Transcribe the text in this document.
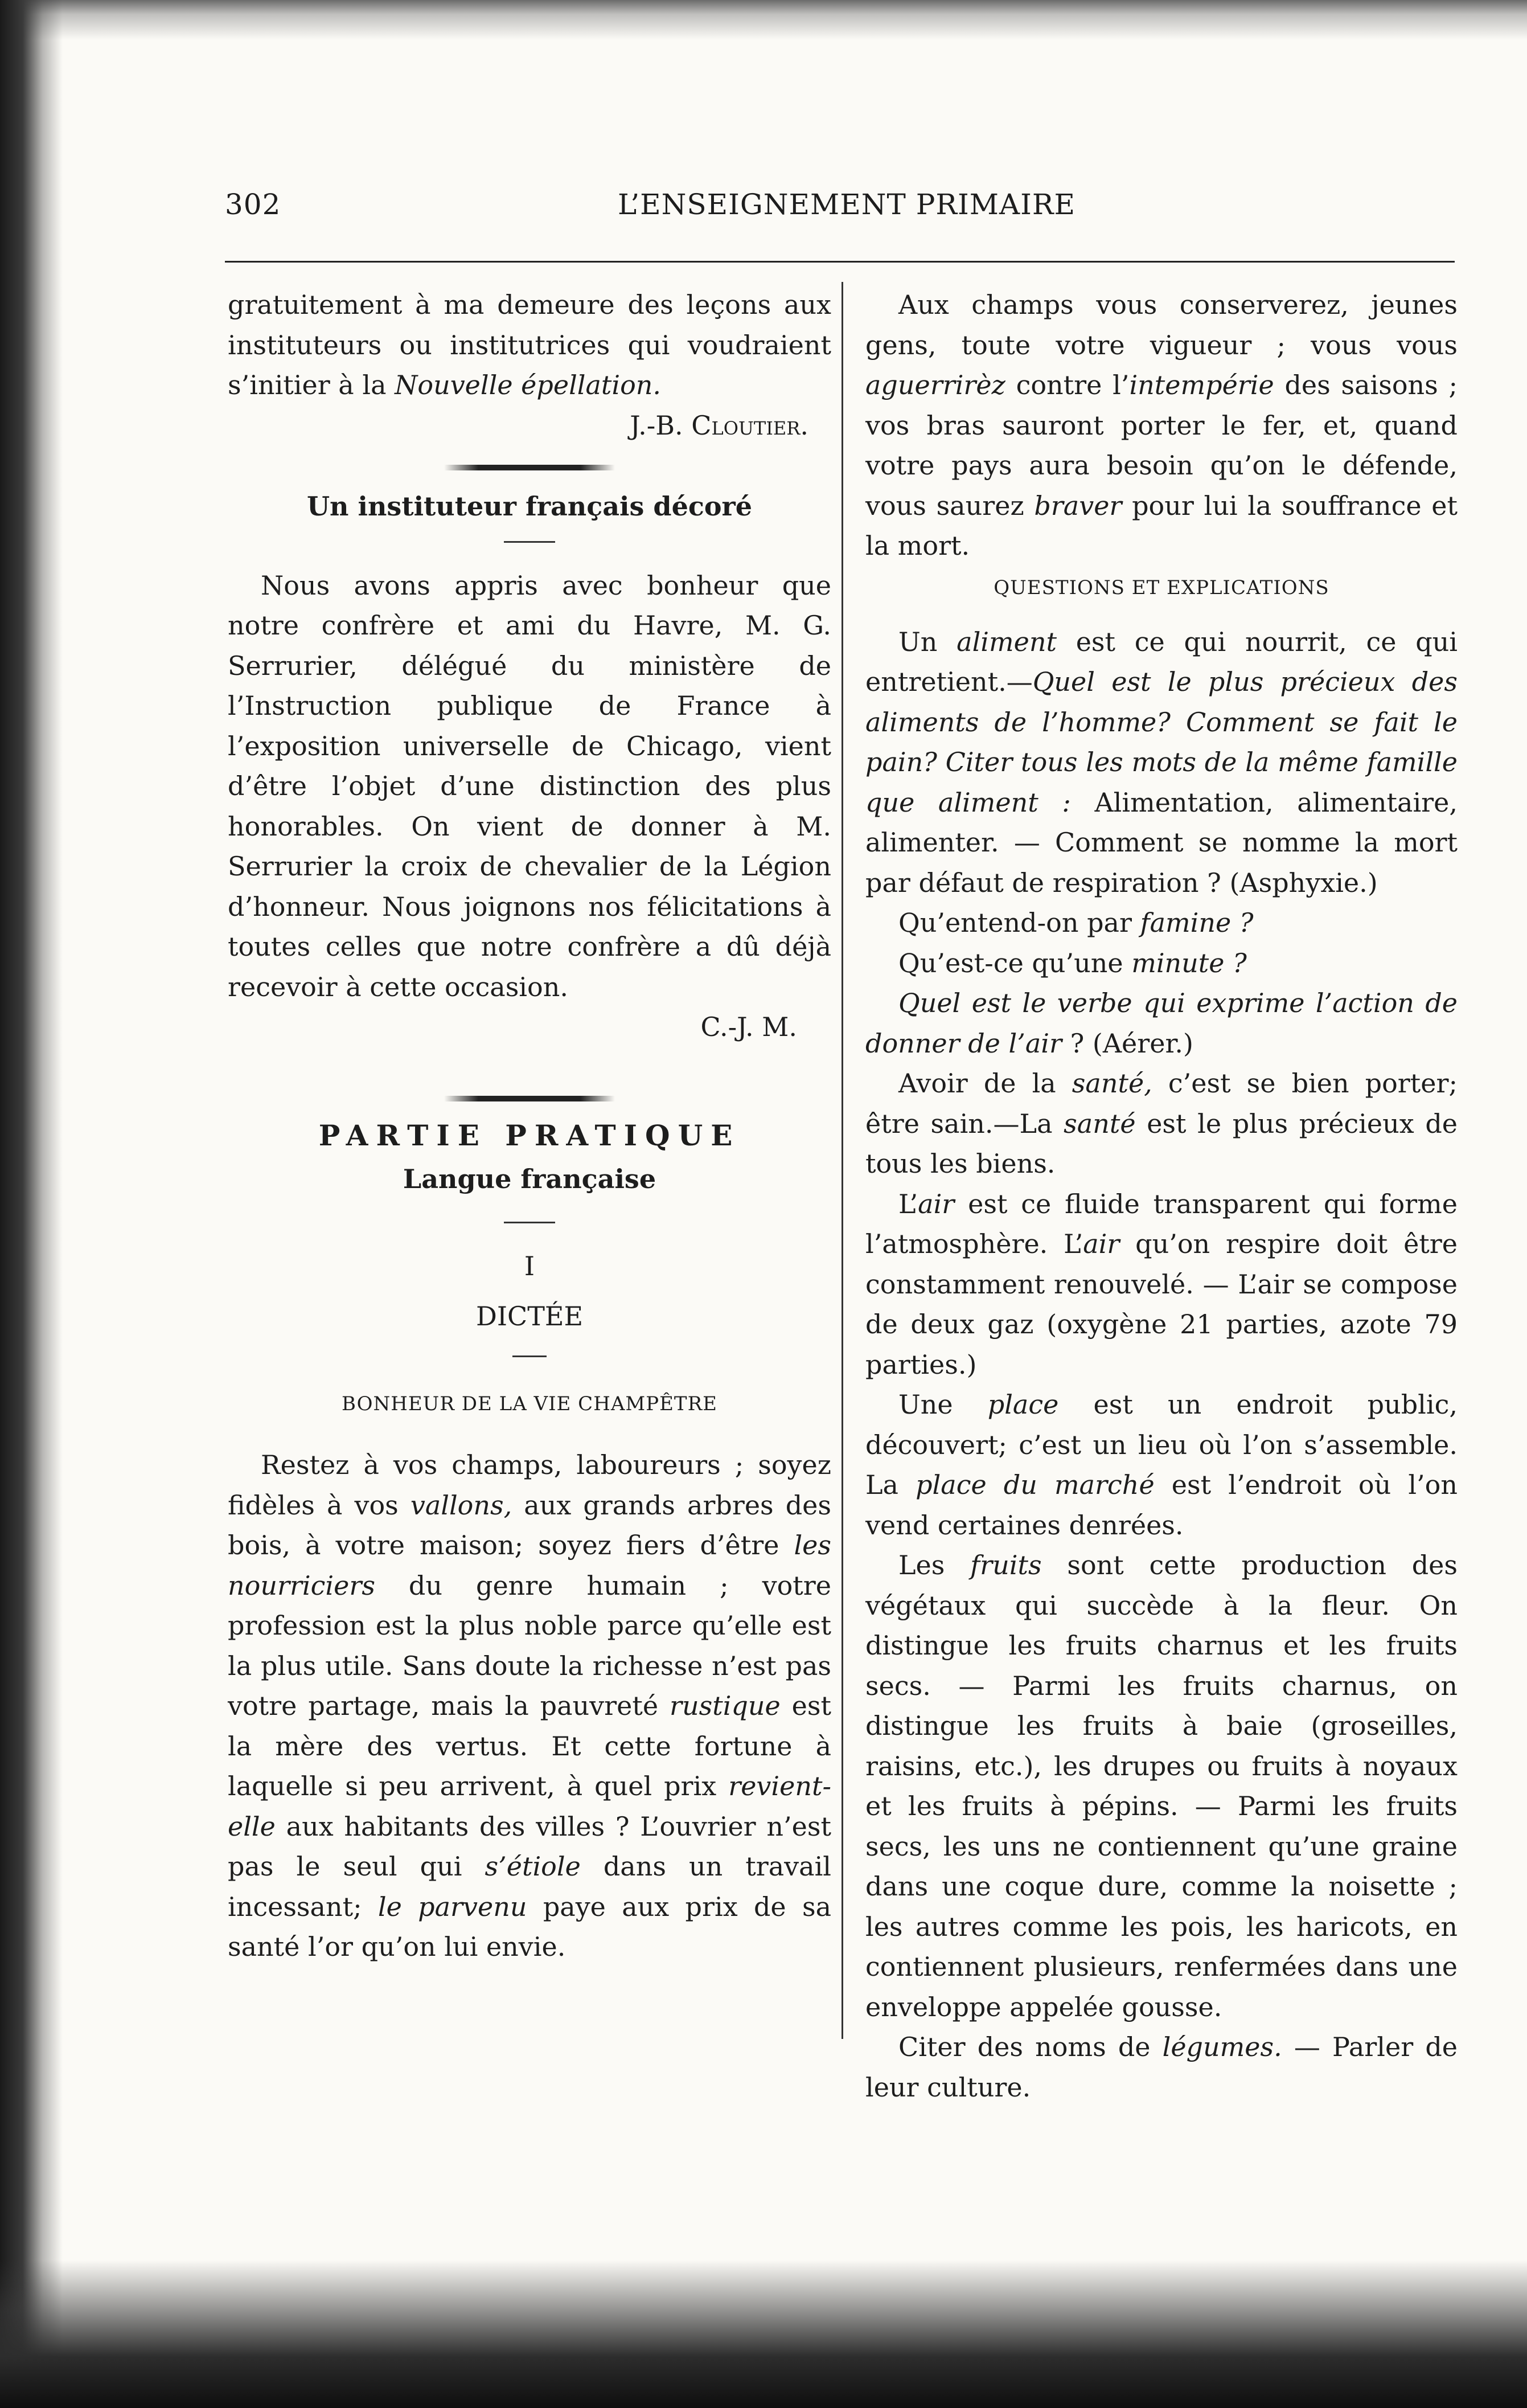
302	L’ENSEIGNEMENT PRIMAIRE

gratuitement à ma demeure des leçons aux instituteurs ou institutrices qui voudraient s’initier à la Nouvelle épellation.

J.-B. Cloutier.

Un instituteur français décoré

Nous avons appris avec bonheur que notre confrère et ami du Havre, M. G. Serrurier, délégué du ministère de l’Instruction publique de France à l’exposition universelle de Chicago, vient d’être l’objet d’une distinction des plus honorables. On vient de donner à M. Serrurier la croix de chevalier de la Légion d’honneur. Nous joignons nos félicitations à toutes celles que notre confrère a dû déjà recevoir à cette occasion.

C.-J. M.

PARTIE PRATIQUE

Langue française

I

DICTÉE

BONHEUR DE LA VIE CHAMPÊTRE

Restez à vos champs, laboureurs ; soyez fidèles à vos vallons, aux grands arbres des bois, à votre maison; soyez fiers d’être les nourriciers du genre humain ; votre profession est la plus noble parce qu’elle est la plus utile. Sans doute la richesse n’est pas votre partage, mais la pauvreté rustique est la mère des vertus. Et cette fortune à laquelle si peu arrivent, à quel prix revient-elle aux habitants des villes ? L’ouvrier n’est pas le seul qui s’étiole dans un travail incessant; le parvenu paye aux prix de sa santé l’or qu’on lui envie.

Aux champs vous conserverez, jeunes gens, toute votre vigueur ; vous vous aguerrirèz contre l’intempérie des saisons ; vos bras sauront porter le fer, et, quand votre pays aura besoin qu’on le défende, vous saurez braver pour lui la souffrance et la mort.

QUESTIONS ET EXPLICATIONS

Un aliment est ce qui nourrit, ce qui entretient.—Quel est le plus précieux des aliments de l’homme? Comment se fait le pain? Citer tous les mots de la même famille que aliment : Alimentation, alimentaire, alimenter. — Comment se nomme la mort par défaut de respiration ? (Asphyxie.)

Qu’entend-on par famine ?

Qu’est-ce qu’une minute ?

Quel est le verbe qui exprime l’action de donner de l’air ? (Aérer.)

Avoir de la santé, c’est se bien porter; être sain.—La santé est le plus précieux de tous les biens.

L’air est ce fluide transparent qui forme l’atmosphère. L’air qu’on respire doit être constamment renouvelé. — L’air se compose de deux gaz (oxygène 21 parties, azote 79 parties.)

Une place est un endroit public, découvert; c’est un lieu où l’on s’assemble. La place du marché est l’endroit où l’on vend certaines denrées.

Les fruits sont cette production des végétaux qui succède à la fleur. On distingue les fruits charnus et les fruits secs. — Parmi les fruits charnus, on distingue les fruits à baie (groseilles, raisins, etc.), les drupes ou fruits à noyaux et les fruits à pépins. — Parmi les fruits secs, les uns ne contiennent qu’une graine dans une coque dure, comme la noisette ; les autres comme les pois, les haricots, en contiennent plusieurs, renfermées dans une enveloppe appelée gousse.

Citer des noms de légumes. — Parler de leur culture.
